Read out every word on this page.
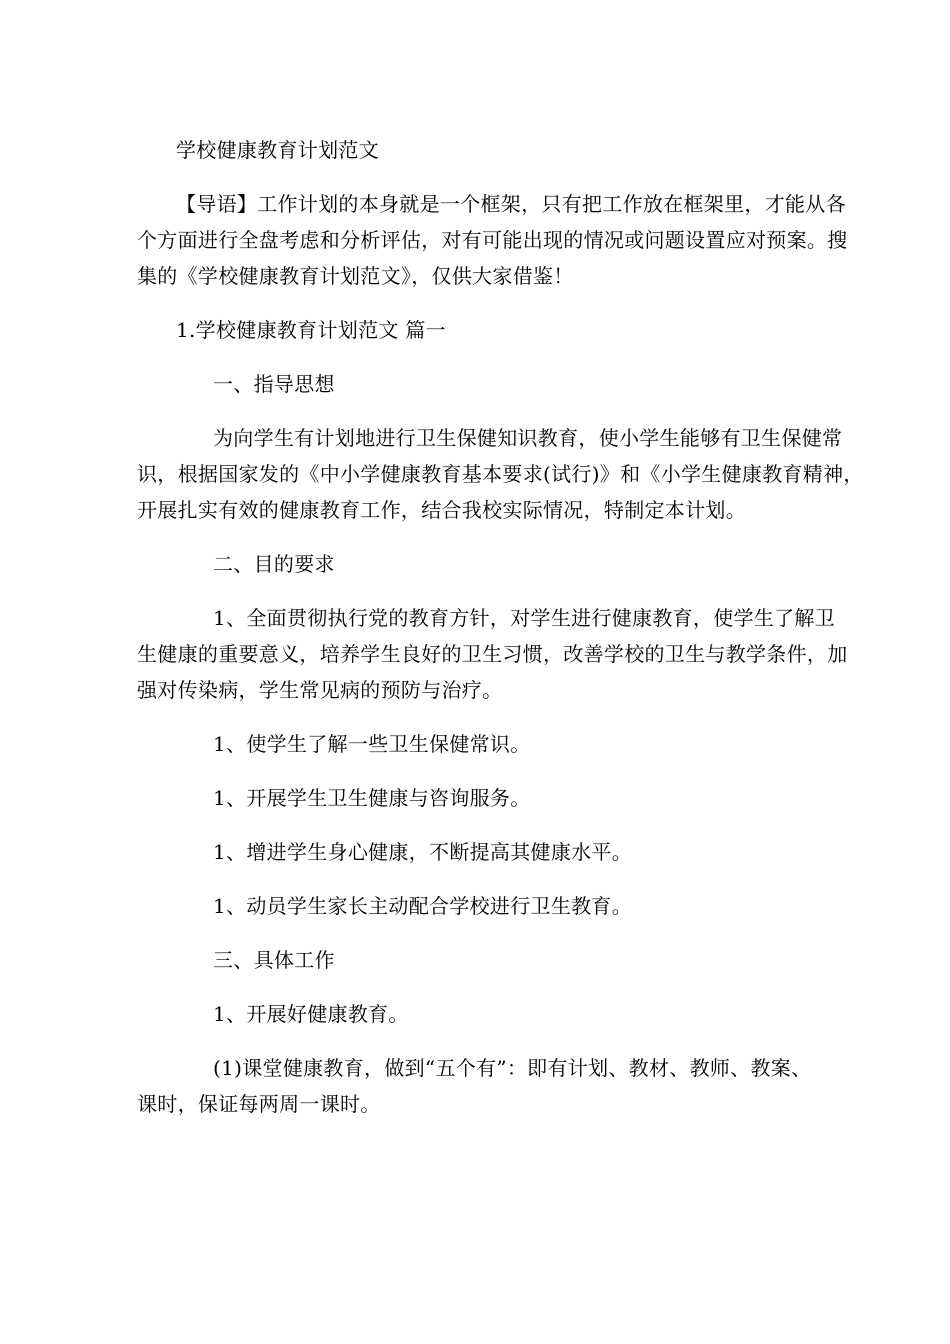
学校健康教育计划范文

【导语】工作计划的本身就是一个框架，只有把工作放在框架里，才能从各

个方面进行全盘考虑和分析评估，对有可能出现的情况或问题设置应对预案。搜

集的《学校健康教育计划范文》，仅供大家借鉴！

1.学校健康教育计划范文 篇一

一、指导思想

为向学生有计划地进行卫生保健知识教育，使小学生能够有卫生保健常

识，根据国家发的《中小学健康教育基本要求(试行)》和《小学生健康教育精神，

开展扎实有效的健康教育工作，结合我校实际情况，特制定本计划。

二、目的要求

1、全面贯彻执行党的教育方针，对学生进行健康教育，使学生了解卫

生健康的重要意义，培养学生良好的卫生习惯，改善学校的卫生与教学条件，加

强对传染病，学生常见病的预防与治疗。

1、使学生了解一些卫生保健常识。

1、开展学生卫生健康与咨询服务。

1、增进学生身心健康，不断提高其健康水平。

1、动员学生家长主动配合学校进行卫生教育。

三、具体工作

1、开展好健康教育。

(1)课堂健康教育，做到“五个有”：即有计划、教材、教师、教案、

课时，保证每两周一课时。
